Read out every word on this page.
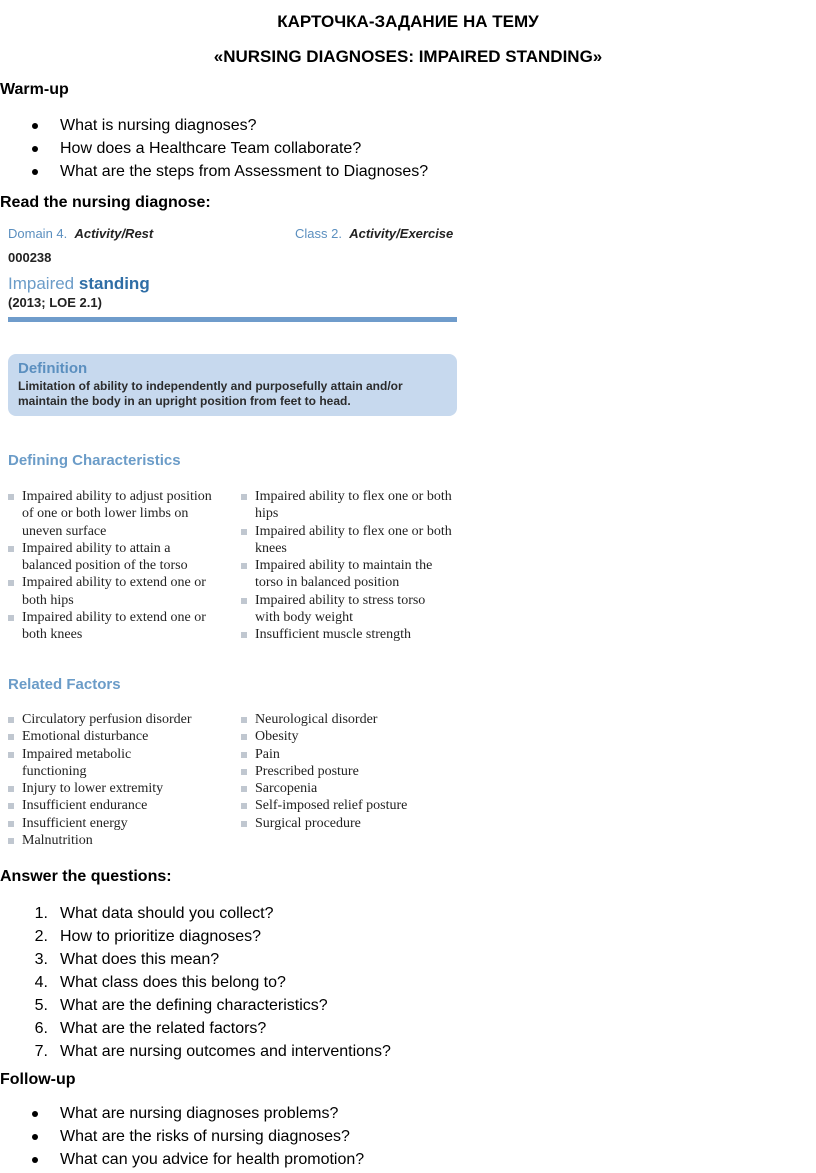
КАРТОЧКА-ЗАДАНИЕ НА ТЕМУ
«NURSING DIAGNOSES: IMPAIRED STANDING»
Warm-up
What is nursing diagnoses?
How does a Healthcare Team collaborate?
What are the steps from Assessment to Diagnoses?
Read the nursing diagnose:
Domain 4. Activity/Rest	Class 2. Activity/Exercise
000238
Impaired standing
(2013; LOE 2.1)
Definition
Limitation of ability to independently and purposefully attain and/or maintain the body in an upright position from feet to head.
Defining Characteristics
Impaired ability to adjust position of one or both lower limbs on uneven surface
Impaired ability to attain a balanced position of the torso
Impaired ability to extend one or both hips
Impaired ability to extend one or both knees
Impaired ability to flex one or both hips
Impaired ability to flex one or both knees
Impaired ability to maintain the torso in balanced position
Impaired ability to stress torso with body weight
Insufficient muscle strength
Related Factors
Circulatory perfusion disorder
Emotional disturbance
Impaired metabolic functioning
Injury to lower extremity
Insufficient endurance
Insufficient energy
Malnutrition
Neurological disorder
Obesity
Pain
Prescribed posture
Sarcopenia
Self-imposed relief posture
Surgical procedure
Answer the questions:
1. What data should you collect?
2. How to prioritize diagnoses?
3. What does this mean?
4. What class does this belong to?
5. What are the defining characteristics?
6. What are the related factors?
7. What are nursing outcomes and interventions?
Follow-up
What are nursing diagnoses problems?
What are the risks of nursing diagnoses?
What can you advice for health promotion?
